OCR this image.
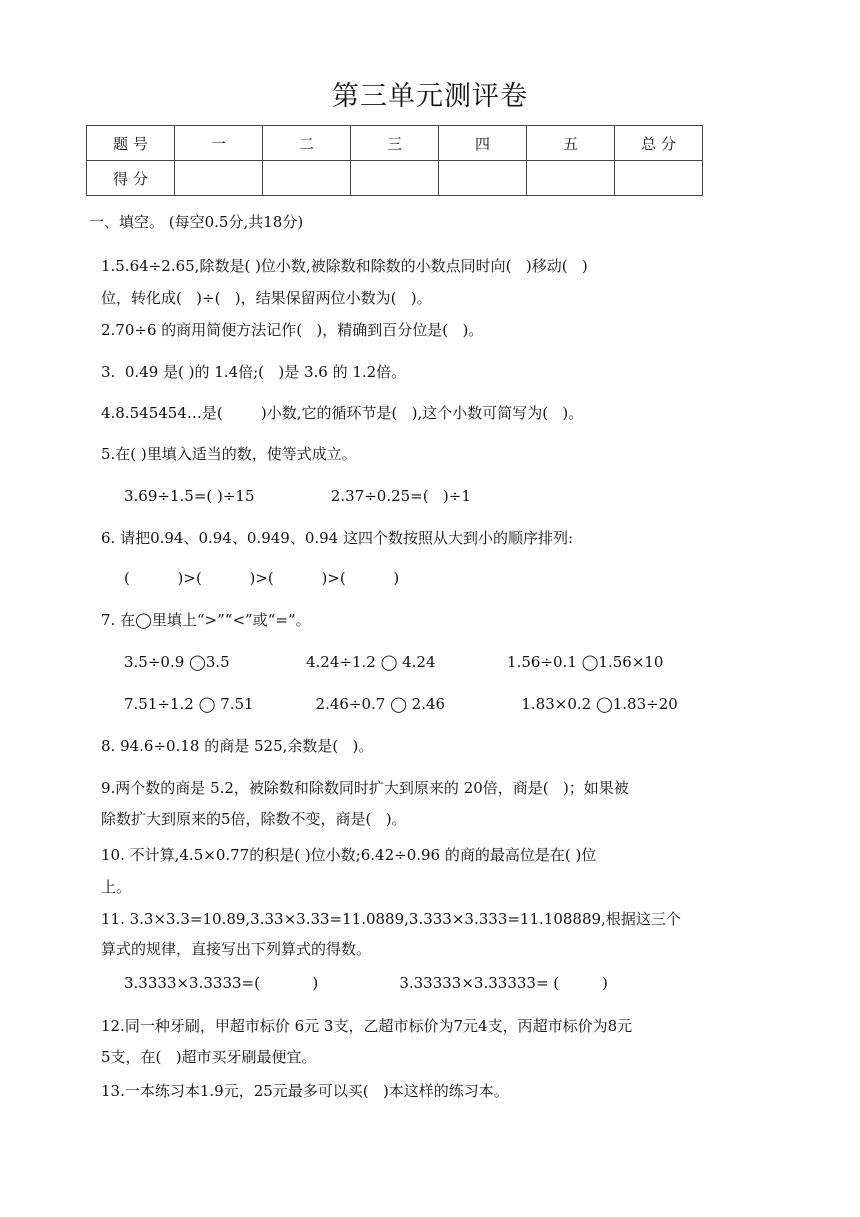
第三单元测评卷
题 号	一	二	三	四	五	总 分
得 分						
一、填空。 (每空0.5分,共18分)
1.5.64÷2.65,除数是( )位小数,被除数和除数的小数点同时向(   )移动(   )
位，转化成(   )÷(   )，结果保留两位小数为(   )。
2.70÷6 的商用简便方法记作(   )，精确到百分位是(   )。
3.  0.49 是( )的 1.4倍;(   )是 3.6 的 1.2倍。
4.8.545454…是(        )小数,它的循环节是(   ),这个小数可简写为(   )。
5.在( )里填入适当的数，使等式成立。
3.69÷1.5=( )÷15                2.37÷0.25=(   )÷1
6. 请把0.94、0.94、0.949、0.94 这四个数按照从大到小的顺序排列:
(          )>(          )>(          )>(          )
7. 在◯里填上“>”“<”或“=”。
3.5÷0.9 ◯3.5                4.24÷1.2 ◯ 4.24               1.56÷0.1 ◯1.56×10
7.51÷1.2 ◯ 7.51             2.46÷0.7 ◯ 2.46                1.83×0.2 ◯1.83÷20
8. 94.6÷0.18 的商是 525,余数是(   )。
9.两个数的商是 5.2，被除数和除数同时扩大到原来的 20倍，商是(   )；如果被
除数扩大到原来的5倍，除数不变，商是(   )。
10. 不计算,4.5×0.77的积是( )位小数;6.42÷0.96 的商的最高位是在( )位
上。
11. 3.3×3.3=10.89,3.33×3.33=11.0889,3.333×3.333=11.108889,根据这三个
算式的规律，直接写出下列算式的得数。
3.3333×3.3333=(           )                 3.33333×3.33333= (         )
12.同一种牙刷，甲超市标价 6元 3支，乙超市标价为7元4支，丙超市标价为8元
5支，在(   )超市买牙刷最便宜。
13.一本练习本1.9元，25元最多可以买(   )本这样的练习本。
